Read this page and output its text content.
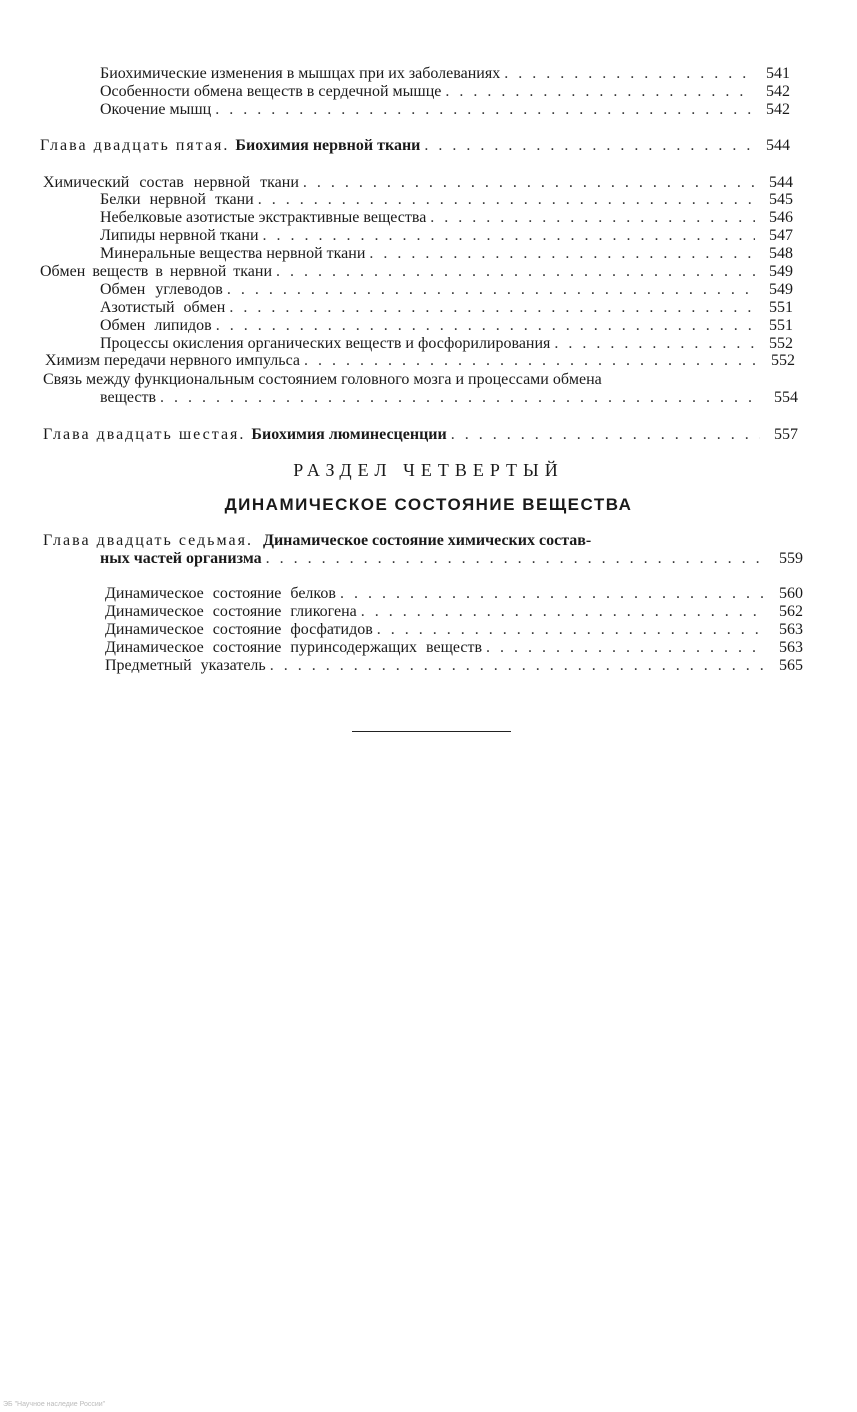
Биохимические изменения в мышцах при их заболеваниях . . .	541
Особенности обмена веществ в сердечной мышце . . .	542
Окочение мышц . . .	542
Глава двадцать пятая. Биохимия нервной ткани . . .	544
Химический состав нервной ткани . . .	544
Белки нервной ткани . . .	545
Небелковые азотистые экстрактивные вещества . . .	546
Липиды нервной ткани . . .	547
Минеральные вещества нервной ткани . . .	548
Обмен веществ в нервной ткани . . .	549
Обмен углеводов . . .	549
Азотистый обмен . . .	551
Обмен липидов . . .	551
Процессы окисления органических веществ и фосфорилирования . . .	552
Химизм передачи нервного импульса . . .	552
Связь между функциональным состоянием головного мозга и процессами обмена
веществ . . .	554
Глава двадцать шестая. Биохимия люминесценции . . .	557
РАЗДЕЛ ЧЕТВЕРТЫЙ
ДИНАМИЧЕСКОЕ СОСТОЯНИЕ ВЕЩЕСТВА
Глава двадцать седьмая. Динамическое состояние химических состав-
ных частей организма . . .	559
Динамическое состояние белков . . .	560
Динамическое состояние гликогена . . .	562
Динамическое состояние фосфатидов . . .	563
Динамическое состояние пуринсодержащих веществ . . .	563
Предметный указатель . . .	565
ЭБ "Научное наследие России"
